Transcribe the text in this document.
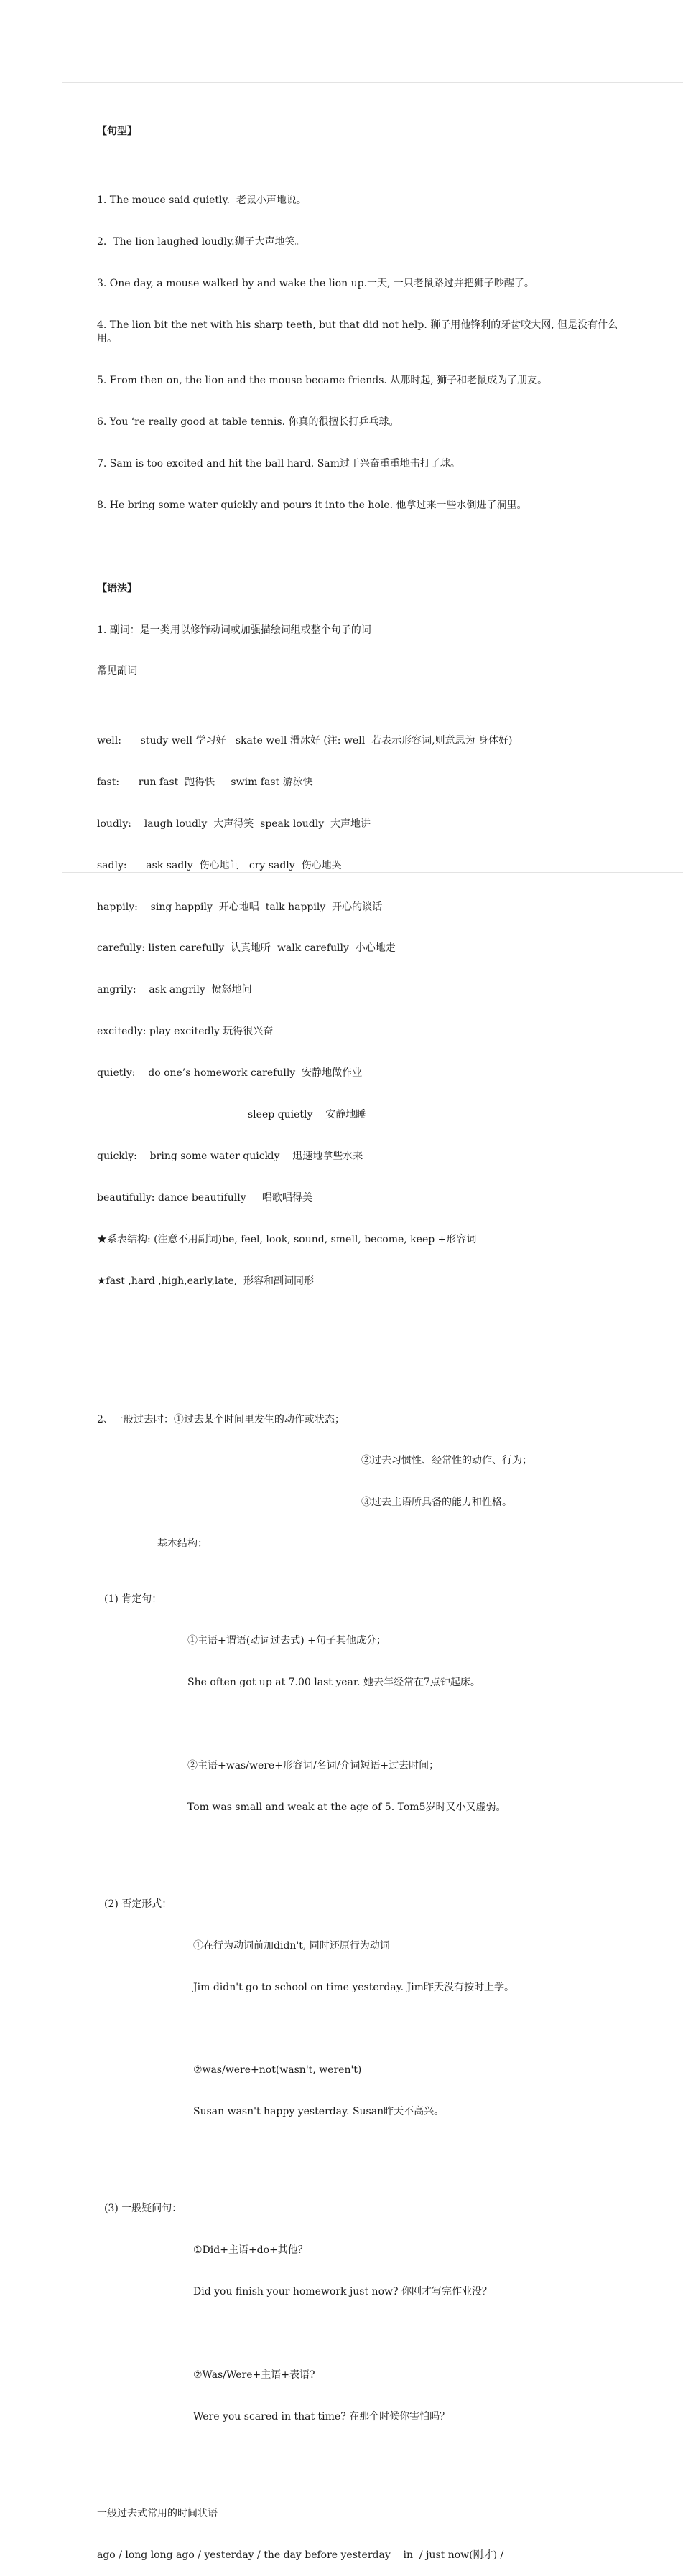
【句型】

1. The mouce said quietly.  老鼠小声地说。

2.  The lion laughed loudly.狮子大声地笑。

3. One day, a mouse walked by and wake the lion up.一天, 一只老鼠路过并把狮子吵醒了。

4. The lion bit the net with his sharp teeth, but that did not help. 狮子用他锋利的牙齿咬大网, 但是没有什么用。

5. From then on, the lion and the mouse became friends. 从那时起, 狮子和老鼠成为了朋友。

6. You ‘re really good at table tennis. 你真的很擅长打乒乓球。

7. Sam is too excited and hit the ball hard. Sam过于兴奋重重地击打了球。

8. He bring some water quickly and pours it into the hole. 他拿过来一些水倒进了洞里。

【语法】

1. 副词：是一类用以修饰动词或加强描绘词组或整个句子的词

常见副词

well:      study well 学习好   skate well 滑冰好 (注: well  若表示形容词,则意思为 身体好)

fast:      run fast  跑得快     swim fast 游泳快

loudly:    laugh loudly  大声得笑  speak loudly  大声地讲

sadly:      ask sadly  伤心地问   cry sadly  伤心地哭

happily:    sing happily  开心地唱  talk happily  开心的谈话

carefully: listen carefully  认真地听  walk carefully  小心地走

angrily:    ask angrily  愤怒地问

excitedly: play excitedly 玩得很兴奋

quietly:    do one’s homework carefully  安静地做作业

sleep quietly    安静地睡

quickly:    bring some water quickly    迅速地拿些水来

beautifully: dance beautifully     唱歌唱得美

★系表结构: (注意不用副词)be, feel, look, sound, smell, become, keep +形容词

★fast ,hard ,high,early,late,  形容和副词同形

2、一般过去时：①过去某个时间里发生的动作或状态；

②过去习惯性、经常性的动作、行为；

③过去主语所具备的能力和性格。

基本结构：

(1) 肯定句：

①主语+谓语(动词过去式) +句子其他成分；

She often got up at 7.00 last year. 她去年经常在7点钟起床。

②主语+was/were+形容词/名词/介词短语+过去时间；

Tom was small and weak at the age of 5. Tom5岁时又小又虚弱。

(2) 否定形式：

①在行为动词前加didn't, 同时还原行为动词

Jim didn't go to school on time yesterday. Jim昨天没有按时上学。

②was/were+not(wasn't, weren't)

Susan wasn't happy yesterday. Susan昨天不高兴。

(3) 一般疑问句：

①Did+主语+do+其他？

Did you finish your homework just now? 你刚才写完作业没？

②Was/Were+主语+表语?

Were you scared in that time? 在那个时候你害怕吗？

一般过去式常用的时间状语

ago / long long ago / yesterday / the day before yesterday    in  / just now(刚才) /
